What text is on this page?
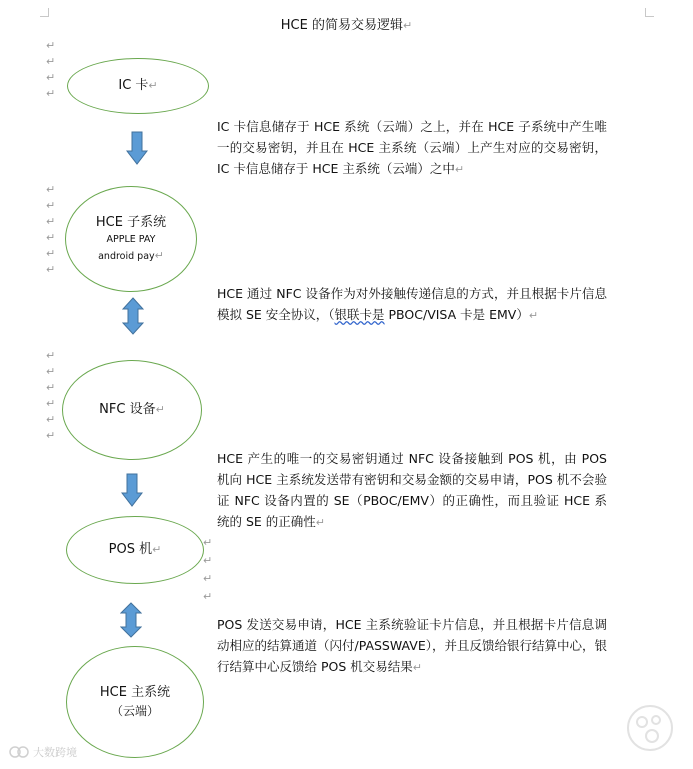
HCE 的简易交易逻辑↵
↵
↵
↵
↵
↵
↵
↵
↵
↵
↵
↵
↵
↵
↵
↵
↵
↵
↵
↵
↵
IC 卡↵
HCE 子系统
APPLE PAY
android pay↵
NFC 设备↵
POS 机↵
HCE 主系统
（云端）
IC 卡信息储存于 HCE 系统（云端）之上，并在 HCE 子系统中产生唯一的交易密钥，并且在 HCE 主系统（云端）上产生对应的交易密钥，IC 卡信息储存于 HCE 主系统（云端）之中↵
HCE 通过 NFC 设备作为对外接触传递信息的方式，并且根据卡片信息模拟 SE 安全协议，（银联卡是 PBOC/VISA 卡是 EMV）↵
HCE 产生的唯一的交易密钥通过 NFC 设备接触到 POS 机，由 POS 机向 HCE 主系统发送带有密钥和交易金额的交易申请，POS 机不会验证 NFC 设备内置的 SE（PBOC/EMV）的正确性，而且验证 HCE 系统的 SE 的正确性↵
POS 发送交易申请，HCE 主系统验证卡片信息，并且根据卡片信息调动相应的结算通道（闪付/PASSWAVE），并且反馈给银行结算中心，银行结算中心反馈给 POS 机交易结果↵
大数跨境
